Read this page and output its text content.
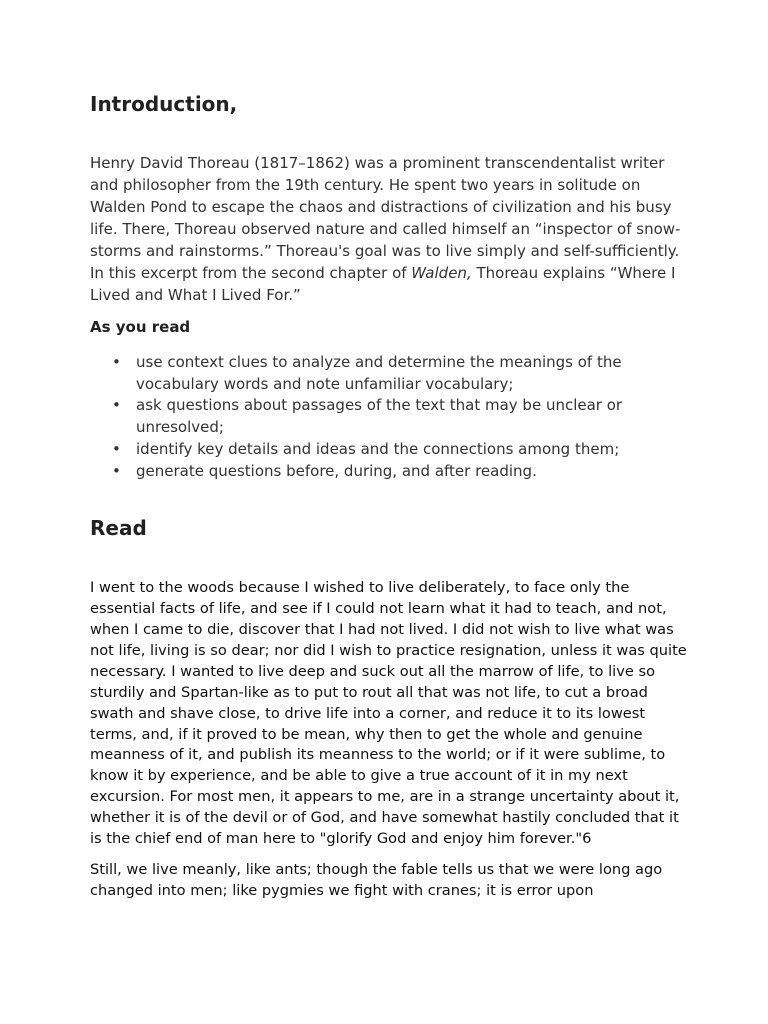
Introduction,

Henry David Thoreau (1817–1862) was a prominent transcendentalist writer and philosopher from the 19th century. He spent two years in solitude on Walden Pond to escape the chaos and distractions of civilization and his busy life. There, Thoreau observed nature and called himself an “inspector of snow-storms and rainstorms.” Thoreau's goal was to live simply and self-sufficiently. In this excerpt from the second chapter of Walden, Thoreau explains “Where I Lived and What I Lived For.”

As you read

• use context clues to analyze and determine the meanings of the vocabulary words and note unfamiliar vocabulary;
• ask questions about passages of the text that may be unclear or unresolved;
• identify key details and ideas and the connections among them;
• generate questions before, during, and after reading.
Read

I went to the woods because I wished to live deliberately, to face only the essential facts of life, and see if I could not learn what it had to teach, and not, when I came to die, discover that I had not lived. I did not wish to live what was not life, living is so dear; nor did I wish to practice resignation, unless it was quite necessary. I wanted to live deep and suck out all the marrow of life, to live so sturdily and Spartan-like as to put to rout all that was not life, to cut a broad swath and shave close, to drive life into a corner, and reduce it to its lowest terms, and, if it proved to be mean, why then to get the whole and genuine meanness of it, and publish its meanness to the world; or if it were sublime, to know it by experience, and be able to give a true account of it in my next excursion. For most men, it appears to me, are in a strange uncertainty about it, whether it is of the devil or of God, and have somewhat hastily concluded that it is the chief end of man here to "glorify God and enjoy him forever."6

Still, we live meanly, like ants; though the fable tells us that we were long ago changed into men; like pygmies we fight with cranes; it is error upon
